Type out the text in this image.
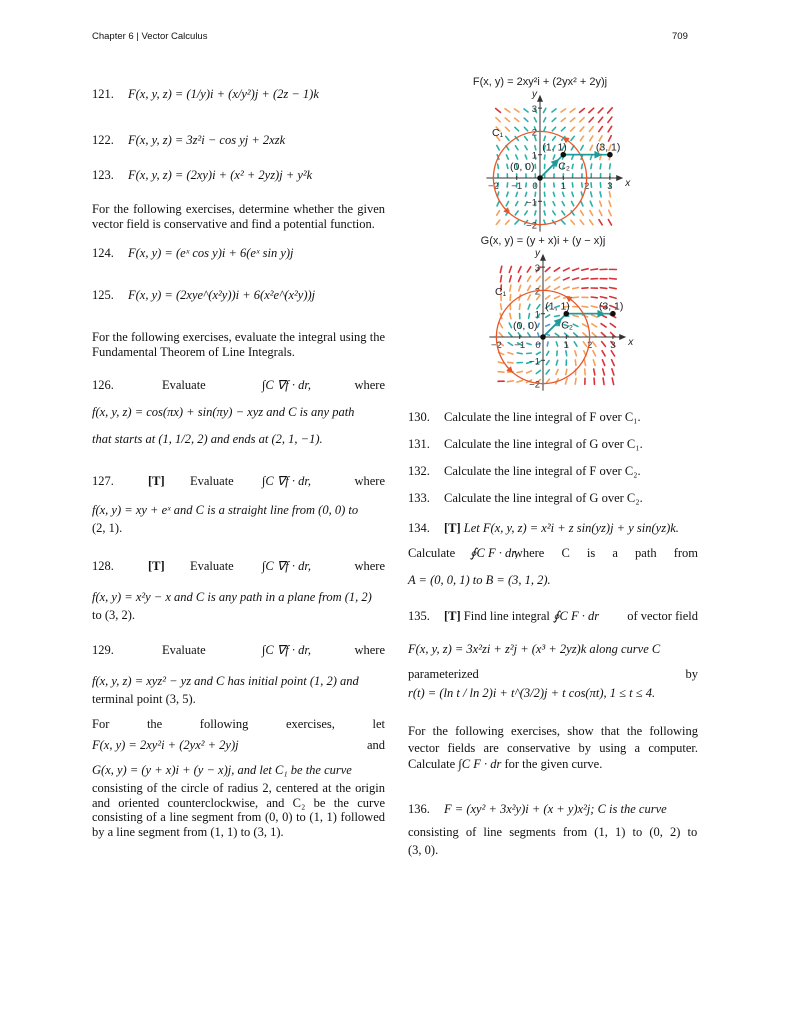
Chapter 6 | Vector Calculus	709
121. F(x, y, z) = (1/y)i + (x/y²)j + (2z − 1)k
122. F(x, y, z) = 3z²i − cos yj + 2xzk
123. F(x, y, z) = (2xy)i + (x² + 2yz)j + y²k
For the following exercises, determine whether the given vector field is conservative and find a potential function.
124. F(x, y) = (eˣ cos y)i + 6(eˣ sin y)j
125. F(x, y) = (2xye^(x²y))i + 6(x²e^(x²y))j
For the following exercises, evaluate the integral using the Fundamental Theorem of Line Integrals.
126.	Evaluate	∫C ∇f · dr,	where
f(x, y, z) = cos(πx) + sin(πy) − xyz and C is any path
that starts at (1, 1/2, 2) and ends at (2, 1, −1).
127.	[T] Evaluate ∫C ∇f · dr,	where
f(x, y) = xy + eˣ and C is a straight line from (0, 0) to
(2, 1).
128.	[T] Evaluate ∫C ∇f · dr,	where
f(x, y) = x²y − x and C is any path in a plane from (1, 2)
to (3, 2).
129.	Evaluate	∫C ∇f · dr,	where
f(x, y, z) = xyz² − yz and C has initial point (1, 2) and
terminal point (3, 5).
For the following exercises, let
F(x, y) = 2xy²i + (2yx² + 2y)j	and
G(x, y) = (y + x)i + (y − x)j, and let C₁ be the curve
consisting of the circle of radius 2, centered at the origin and oriented counterclockwise, and C₂ be the curve consisting of a line segment from (0, 0) to (1, 1) followed by a line segment from (1, 1) to (3, 1).
F(x, y) = 2xy²i + (2yx² + 2y)j
x
y
−2 −1 0 1 2 3
3
2
1
−1
−2
C₁
C₂
(0, 0)
(1, 1)	(3, 1)
G(x, y) = (y + x)i + (y − x)j
x
y
−2 −1 0 1 2 3
3
2
1
−1
−2
C₁
C₂
(0, 0)
(1, 1)	(3, 1)
130. Calculate the line integral of F over C₁.
131. Calculate the line integral of G over C₁.
132. Calculate the line integral of F over C₂.
133. Calculate the line integral of G over C₂.
134. [T] Let F(x, y, z) = x²i + z sin(yz)j + y sin(yz)k.
Calculate ∮C F · dr,
where C is a path from
A = (0, 0, 1) to B = (3, 1, 2).
135. [T] Find line integral ∮C F · dr of vector field
F(x, y, z) = 3x²zi + z²j + (x³ + 2yz)k along curve C
parameterized	by
r(t) = (ln t / ln 2)i + t^(3/2)j + t cos(πt), 1 ≤ t ≤ 4.
For the following exercises, show that the following vector fields are conservative by using a computer. Calculate ∫C F · dr for the given curve.
136. F = (xy² + 3x²y)i + (x + y)x²j; C is the curve
consisting of line segments from (1, 1) to (0, 2) to
(3, 0).
